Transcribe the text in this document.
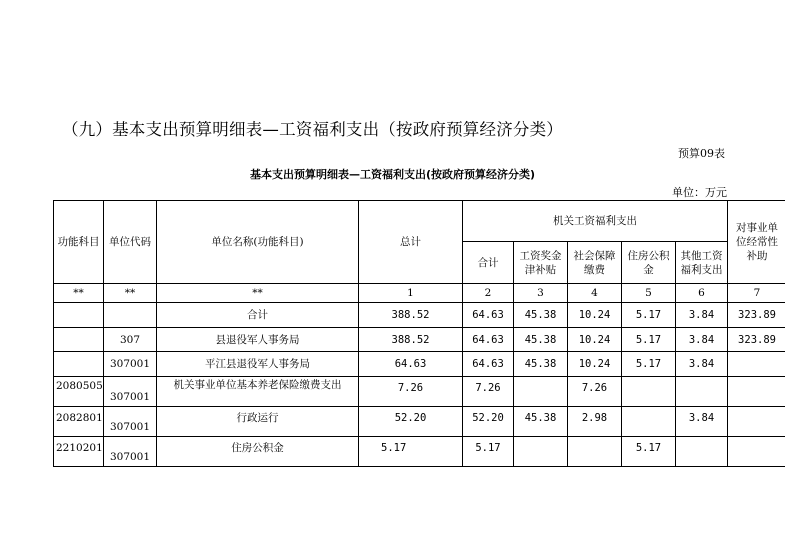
（九）基本支出预算明细表—工资福利支出（按政府预算经济分类）
预算09表
基本支出预算明细表—工资福利支出(按政府预算经济分类)
单位：万元
功能科目	单位代码	单位名称(功能科目)	总计	机关工资福利支出					对事业单
位经常性
补助
				合计	工资奖金
津补贴	社会保障
缴费	住房公积
金	其他工资
福利支出	
**	**	**	1	2	3	4	5	6	7
		合计	388.52	64.63	45.38	10.24	5.17	3.84	323.89
	307	县退役军人事务局	388.52	64.63	45.38	10.24	5.17	3.84	323.89
	307001	平江县退役军人事务局	64.63	64.63	45.38	10.24	5.17	3.84	
2080505	307001	机关事业单位基本养老保险缴费支出	7.26	7.26		7.26			
2082801	307001	行政运行	52.20	52.20	45.38	2.98		3.84	
2210201	307001	住房公积金	5.17	5.17			5.17		
